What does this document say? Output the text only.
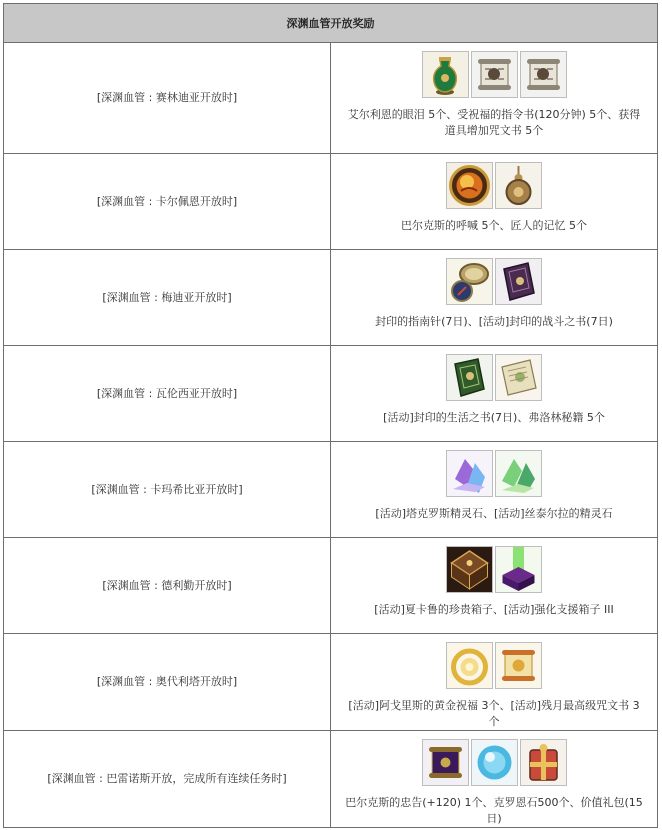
深渊血管开放奖励	
[深渊血管 : 赛林迪亚开放时]	艾尔利恩的眼泪 5个、受祝福的指令书(120分钟) 5个、获得道具增加咒文书 5个

[深渊血管 : 卡尔佩恩开放时]	巴尔克斯的呼喊 5个、匠人的记忆 5个

[深渊血管 : 梅迪亚开放时]	封印的指南针(7日)、[活动]封印的战斗之书(7日)

[深渊血管 : 瓦伦西亚开放时]	[活动]封印的生活之书(7日)、弗洛林秘籍 5个

[深渊血管 : 卡玛希比亚开放时]	[活动]塔克罗斯精灵石、[活动]丝泰尔拉的精灵石

[深渊血管 : 德利勤开放时]	[活动]夏卡鲁的珍贵箱子、[活动]强化支援箱子 III

[深渊血管 : 奥代利塔开放时]	[活动]阿戈里斯的黄金祝福 3个、[活动]残月最高级咒文书 3个

[深渊血管 : 巴雷诺斯开放，完成所有连续任务时]	巴尔克斯的忠告(+120) 1个、克罗恩石500个、价值礼包(15日)
